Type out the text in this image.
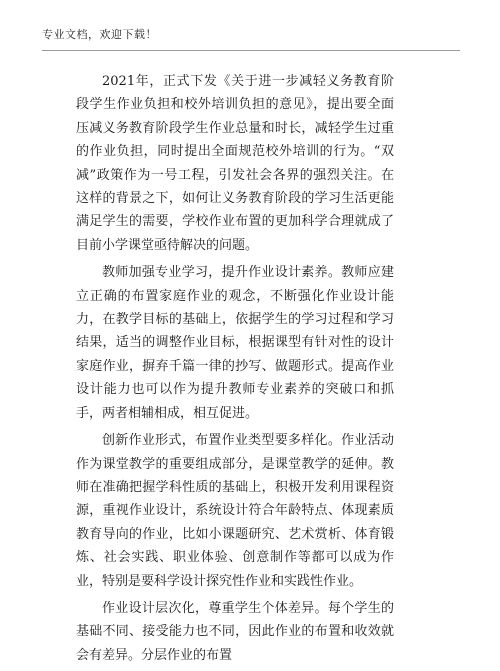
专业文档，欢迎下载！

2021年，正式下发《关于进一步减轻义务教育阶段学生作业负担和校外培训负担的意见》，提出要全面压减义务教育阶段学生作业总量和时长，减轻学生过重的作业负担，同时提出全面规范校外培训的行为。“双减”政策作为一号工程，引发社会各界的强烈关注。在这样的背景之下，如何让义务教育阶段的学习生活更能满足学生的需要，学校作业布置的更加科学合理就成了目前小学课堂亟待解决的问题。

教师加强专业学习，提升作业设计素养。教师应建立正确的布置家庭作业的观念，不断强化作业设计能力，在教学目标的基础上，依据学生的学习过程和学习结果，适当的调整作业目标，根据课型有针对性的设计家庭作业，摒弃千篇一律的抄写、做题形式。提高作业设计能力也可以作为提升教师专业素养的突破口和抓手，两者相辅相成，相互促进。

创新作业形式，布置作业类型要多样化。作业活动作为课堂教学的重要组成部分，是课堂教学的延伸。教师在准确把握学科性质的基础上，积极开发利用课程资源，重视作业设计，系统设计符合年龄特点、体现素质教育导向的作业，比如小课题研究、艺术赏析、体育锻炼、社会实践、职业体验、创意制作等都可以成为作业，特别是要科学设计探究性作业和实践性作业。

作业设计层次化，尊重学生个体差异。每个学生的基础不同、接受能力也不同，因此作业的布置和收效就会有差异。分层作业的布置
